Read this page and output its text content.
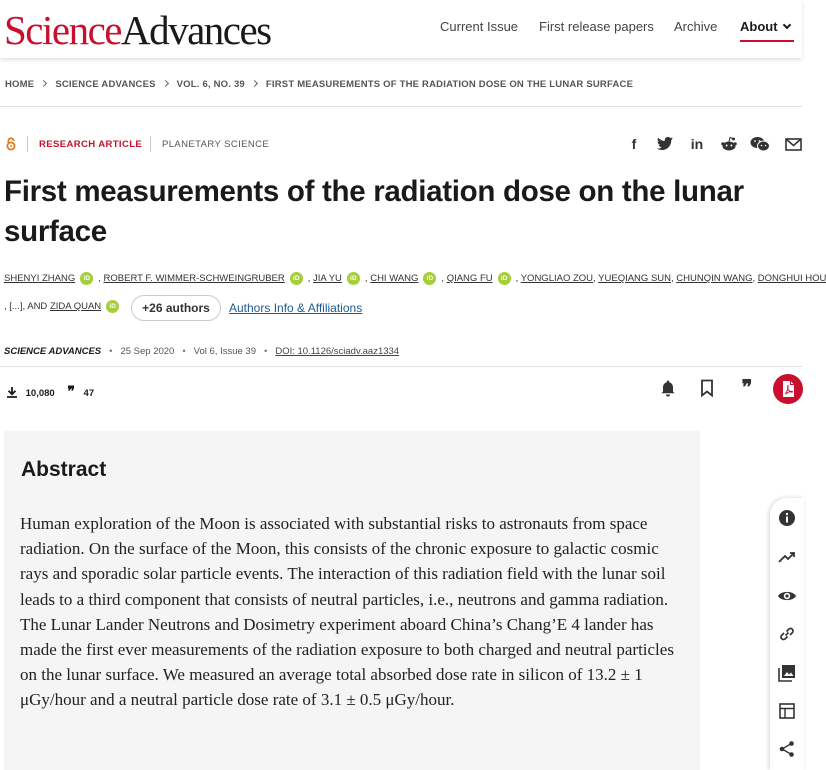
ScienceAdvances	Current Issue First release papers Archive About
HOME SCIENCE ADVANCES VOL. 6, NO. 39 FIRST MEASUREMENTS OF THE RADIATION DOSE ON THE LUNAR SURFACE
RESEARCH ARTICLE PLANETARY SCIENCE	f	in
First measurements of the radiation dose on the lunar surface
SHENYI ZHANG iD , ROBERT F. WIMMER-SCHWEINGRUBER iD , JIA YU iD , CHI WANG iD , QIANG FU iD , YONGLIAO ZOU, YUEQIANG SUN, CHUNQIN WANG, DONGHUI HOU
, [...], AND ZIDA QUAN iD	+26 authors	Authors Info & Affiliations
SCIENCE ADVANCES • 25 Sep 2020 • Vol 6, Issue 39 • DOI: 10.1126/sciadv.aaz1334
10,080 ❞ 47	❞
Abstract

Human exploration of the Moon is associated with substantial risks to astronauts from space radiation. On the surface of the Moon, this consists of the chronic exposure to galactic cosmic rays and sporadic solar particle events. The interaction of this radiation field with the lunar soil leads to a third component that consists of neutral particles, i.e., neutrons and gamma radiation. The Lunar Lander Neutrons and Dosimetry experiment aboard China’s Chang’E 4 lander has made the first ever measurements of the radiation exposure to both charged and neutral particles on the lunar surface. We measured an average total absorbed dose rate in silicon of 13.2 ± 1 μGy/hour and a neutral particle dose rate of 3.1 ± 0.5 μGy/hour.
